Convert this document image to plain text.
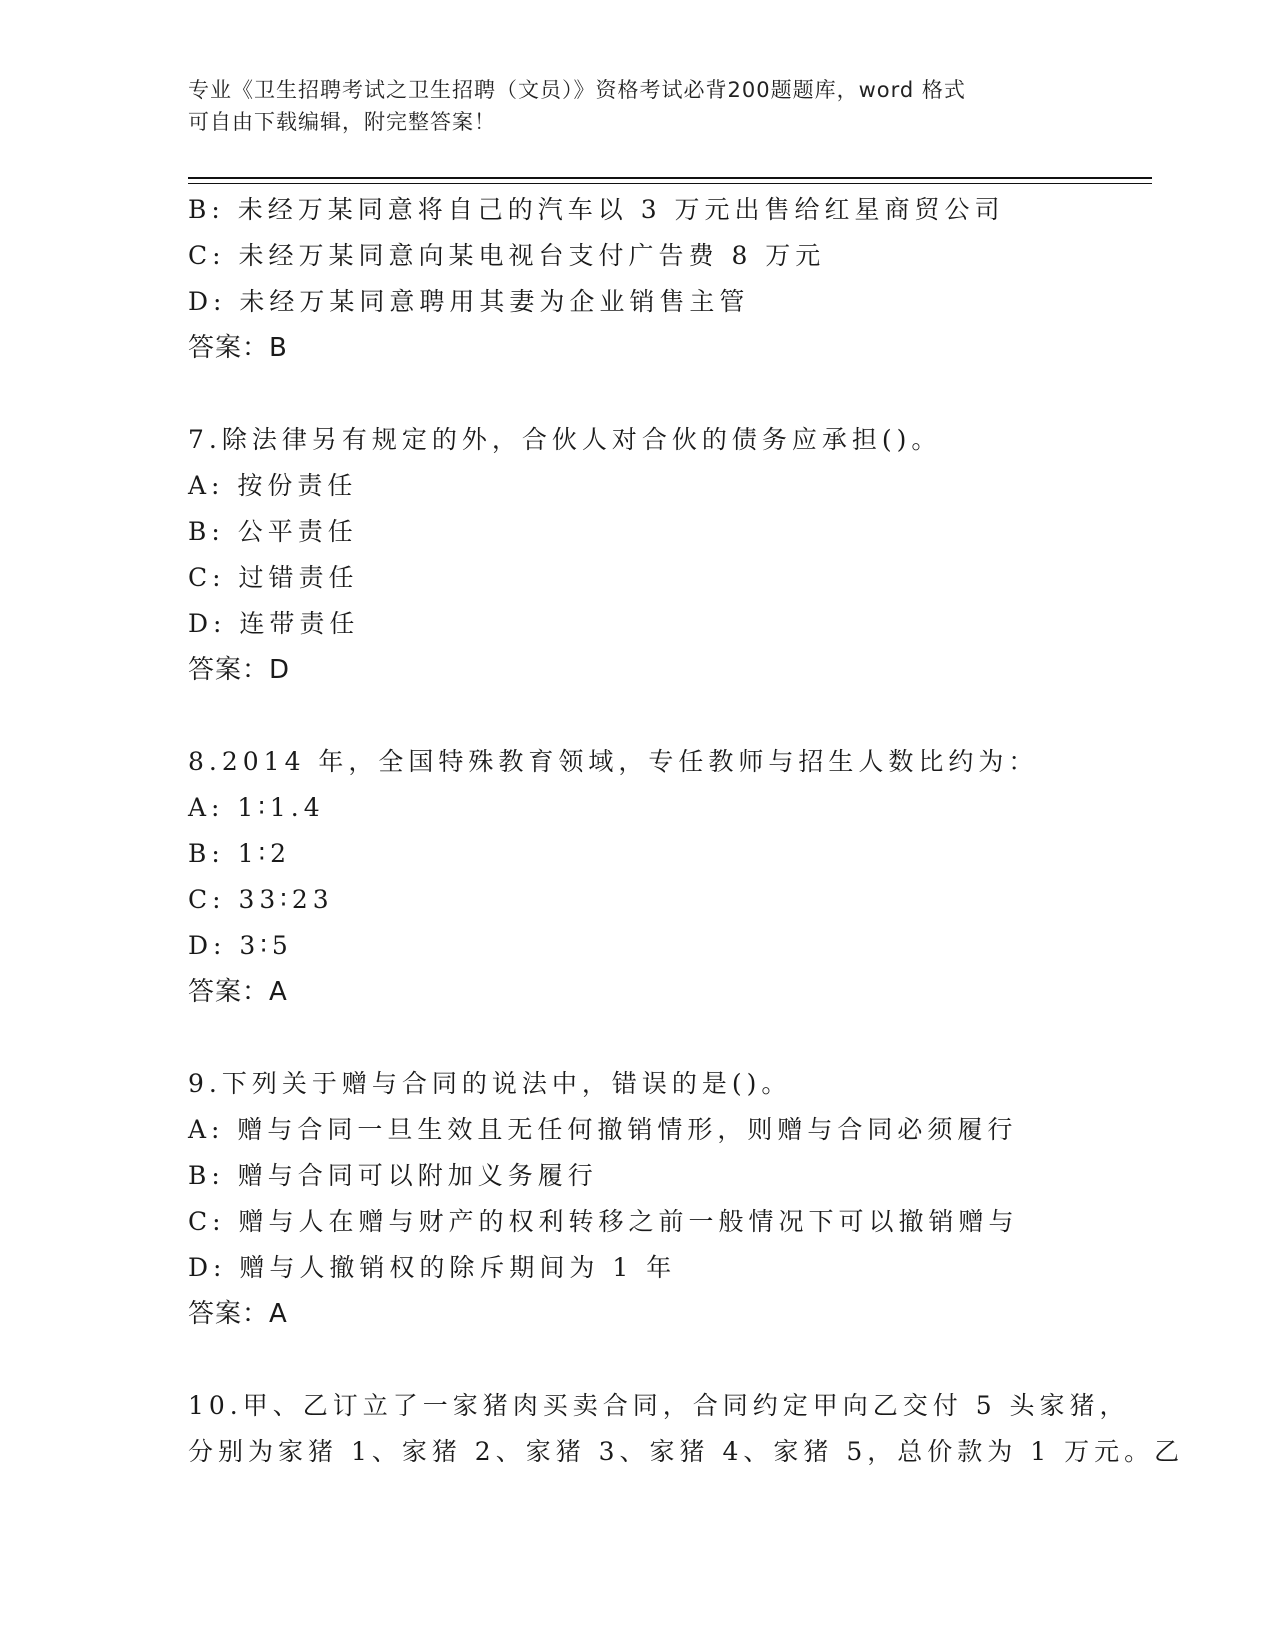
专业《卫生招聘考试之卫生招聘（文员）》资格考试必背200题题库，word 格式
可自由下载编辑，附完整答案！
B: 未经万某同意将自己的汽车以 3 万元出售给红星商贸公司
C: 未经万某同意向某电视台支付广告费 8 万元
D: 未经万某同意聘用其妻为企业销售主管
答案：B
7.除法律另有规定的外，合伙人对合伙的债务应承担()。
A: 按份责任
B: 公平责任
C: 过错责任
D: 连带责任
答案：D
8.2014 年，全国特殊教育领域，专任教师与招生人数比约为：
A: 1∶1.4
B: 1∶2
C: 33∶23
D: 3∶5
答案：A
9.下列关于赠与合同的说法中，错误的是()。
A: 赠与合同一旦生效且无任何撤销情形，则赠与合同必须履行
B: 赠与合同可以附加义务履行
C: 赠与人在赠与财产的权利转移之前一般情况下可以撤销赠与
D: 赠与人撤销权的除斥期间为 1 年
答案：A
10.甲、乙订立了一家猪肉买卖合同，合同约定甲向乙交付 5 头家猪，
分别为家猪 1、家猪 2、家猪 3、家猪 4、家猪 5，总价款为 1 万元。乙
